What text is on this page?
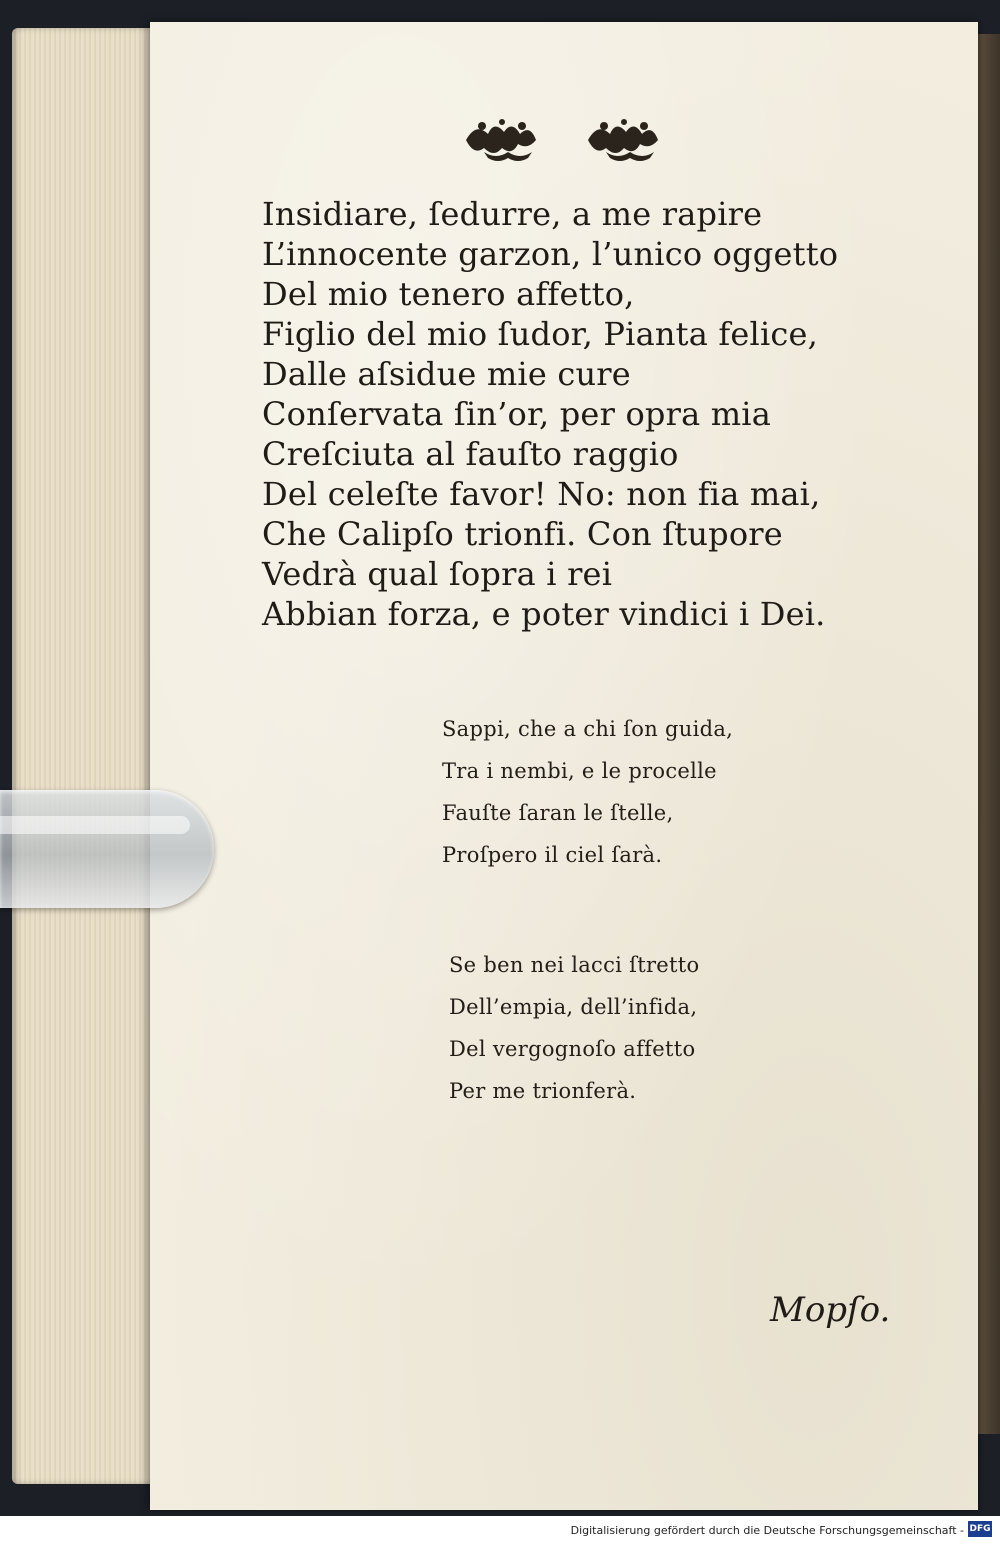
Insidiare, ſedurre, a me rapire
L’innocente garzon, l’unico oggetto
Del mio tenero affetto,
Figlio del mio ſudor, Pianta felice,
Dalle aſsidue mie cure
Conſervata ſin’or, per opra mia
Creſciuta al fauſto raggio
Del celeſte favor! No: non fia mai,
Che Calipſo trionfi. Con ſtupore
Vedrà qual ſopra i rei
Abbian forza, e poter vindici i Dei.
Sappi, che a chi ſon guida,
Tra i nembi, e le procelle
Fauſte ſaran le ſtelle,
Proſpero il ciel ſarà.
Se ben nei lacci ſtretto
Dell’empia, dell’infida,
Del vergognoſo affetto
Per me trionferà.
Mopſo.
Digitalisierung gefördert durch die Deutsche Forschungsgemeinschaft - DFG
